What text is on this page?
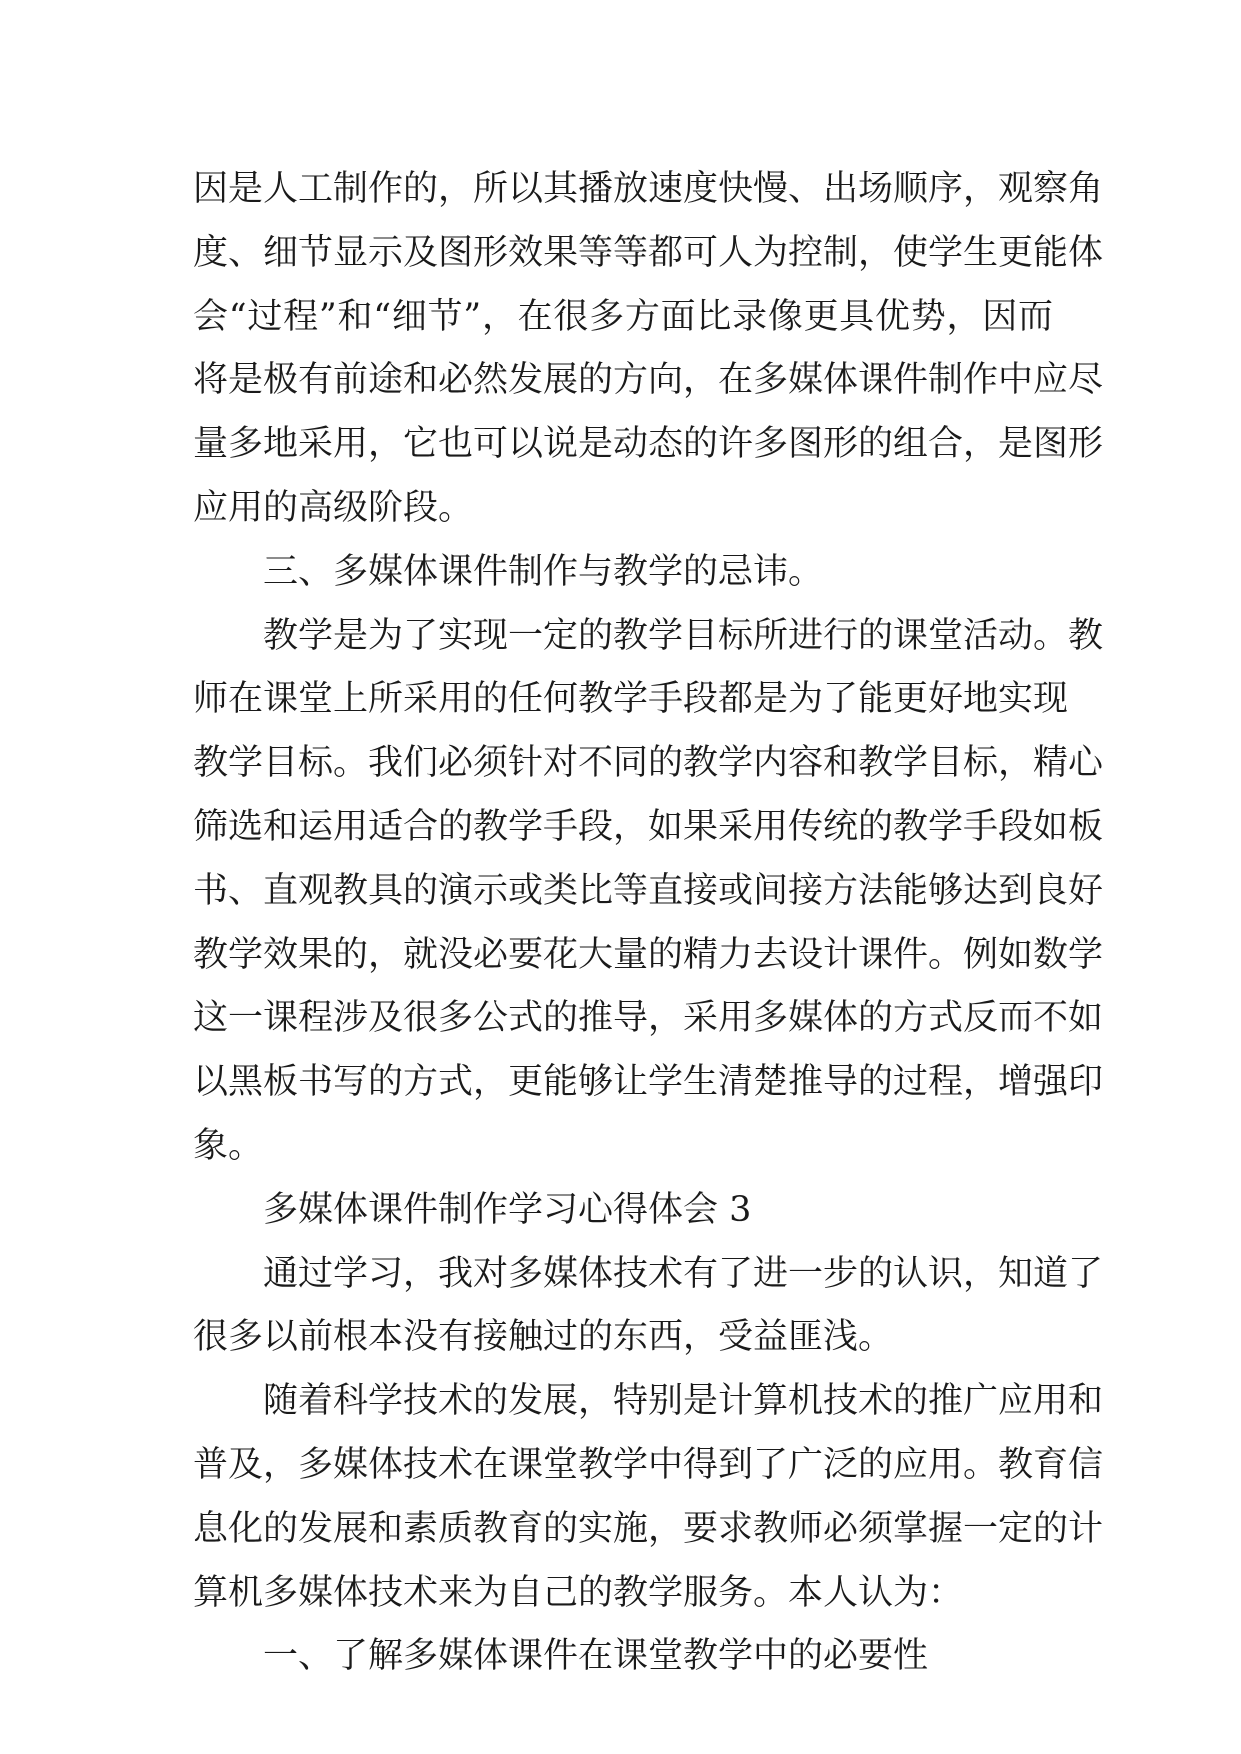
因是人工制作的，所以其播放速度快慢、出场顺序，观察角
度、细节显示及图形效果等等都可人为控制，使学生更能体
会“过程”和“细节”，在很多方面比录像更具优势，因而
将是极有前途和必然发展的方向，在多媒体课件制作中应尽
量多地采用，它也可以说是动态的许多图形的组合，是图形
应用的高级阶段。
三、多媒体课件制作与教学的忌讳。
教学是为了实现一定的教学目标所进行的课堂活动。教
师在课堂上所采用的任何教学手段都是为了能更好地实现
教学目标。我们必须针对不同的教学内容和教学目标，精心
筛选和运用适合的教学手段，如果采用传统的教学手段如板
书、直观教具的演示或类比等直接或间接方法能够达到良好
教学效果的，就没必要花大量的精力去设计课件。例如数学
这一课程涉及很多公式的推导，采用多媒体的方式反而不如
以黑板书写的方式，更能够让学生清楚推导的过程，增强印
象。
多媒体课件制作学习心得体会 3
通过学习，我对多媒体技术有了进一步的认识，知道了
很多以前根本没有接触过的东西，受益匪浅。
随着科学技术的发展，特别是计算机技术的推广应用和
普及，多媒体技术在课堂教学中得到了广泛的应用。教育信
息化的发展和素质教育的实施，要求教师必须掌握一定的计
算机多媒体技术来为自己的教学服务。本人认为：
一、了解多媒体课件在课堂教学中的必要性
